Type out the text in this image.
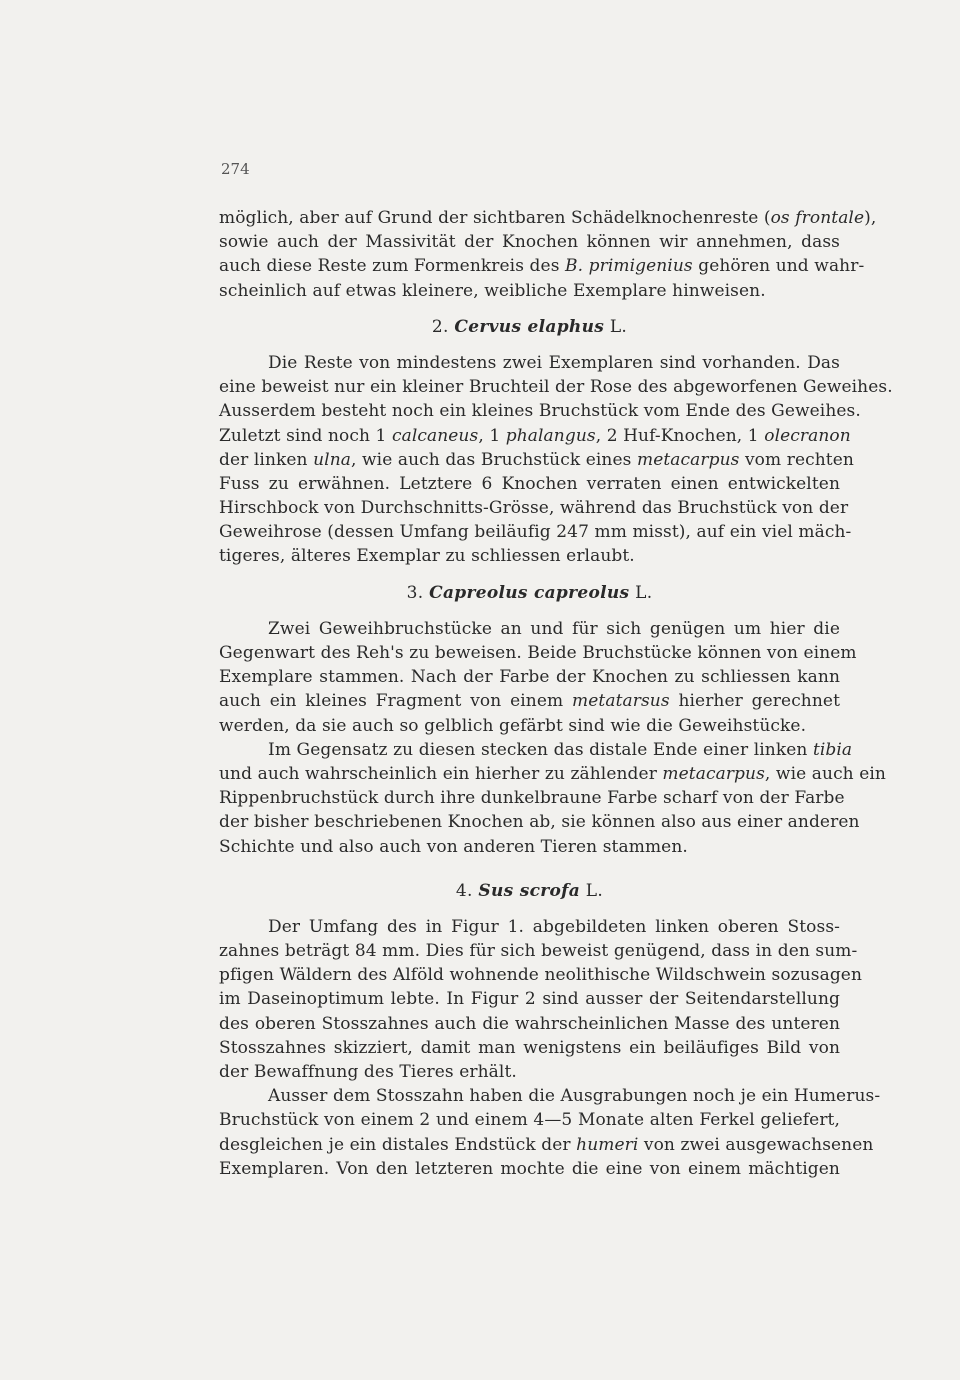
274
möglich, aber auf Grund der sichtbaren Schädelknochenreste (os frontale),
sowie auch der Massivität der Knochen können wir annehmen, dass
auch diese Reste zum Formenkreis des B. primigenius gehören und wahr-
scheinlich auf etwas kleinere, weibliche Exemplare hinweisen.
2. Cervus elaphus L.
Die Reste von mindestens zwei Exemplaren sind vorhanden. Das
eine beweist nur ein kleiner Bruchteil der Rose des abgeworfenen Geweihes.
Ausserdem besteht noch ein kleines Bruchstück vom Ende des Geweihes.
Zuletzt sind noch 1 calcaneus, 1 phalangus, 2 Huf-Knochen, 1 olecranon
der linken ulna, wie auch das Bruchstück eines metacarpus vom rechten
Fuss zu erwähnen. Letztere 6 Knochen verraten einen entwickelten
Hirschbock von Durchschnitts-Grösse, während das Bruchstück von der
Geweihrose (dessen Umfang beiläufig 247 mm misst), auf ein viel mäch-
tigeres, älteres Exemplar zu schliessen erlaubt.
3. Capreolus capreolus L.
Zwei Geweihbruchstücke an und für sich genügen um hier die
Gegenwart des Reh's zu beweisen. Beide Bruchstücke können von einem
Exemplare stammen. Nach der Farbe der Knochen zu schliessen kann
auch ein kleines Fragment von einem metatarsus hierher gerechnet
werden, da sie auch so gelblich gefärbt sind wie die Geweihstücke.
Im Gegensatz zu diesen stecken das distale Ende einer linken tibia
und auch wahrscheinlich ein hierher zu zählender metacarpus, wie auch ein
Rippenbruchstück durch ihre dunkelbraune Farbe scharf von der Farbe
der bisher beschriebenen Knochen ab, sie können also aus einer anderen
Schichte und also auch von anderen Tieren stammen.
4. Sus scrofa L.
Der Umfang des in Figur 1. abgebildeten linken oberen Stoss-
zahnes beträgt 84 mm. Dies für sich beweist genügend, dass in den sum-
pfigen Wäldern des Alföld wohnende neolithische Wildschwein sozusagen
im Daseinoptimum lebte. In Figur 2 sind ausser der Seitendarstellung
des oberen Stosszahnes auch die wahrscheinlichen Masse des unteren
Stosszahnes skizziert, damit man wenigstens ein beiläufiges Bild von
der Bewaffnung des Tieres erhält.
Ausser dem Stosszahn haben die Ausgrabungen noch je ein Humerus-
Bruchstück von einem 2 und einem 4—5 Monate alten Ferkel geliefert,
desgleichen je ein distales Endstück der humeri von zwei ausgewachsenen
Exemplaren. Von den letzteren mochte die eine von einem mächtigen
